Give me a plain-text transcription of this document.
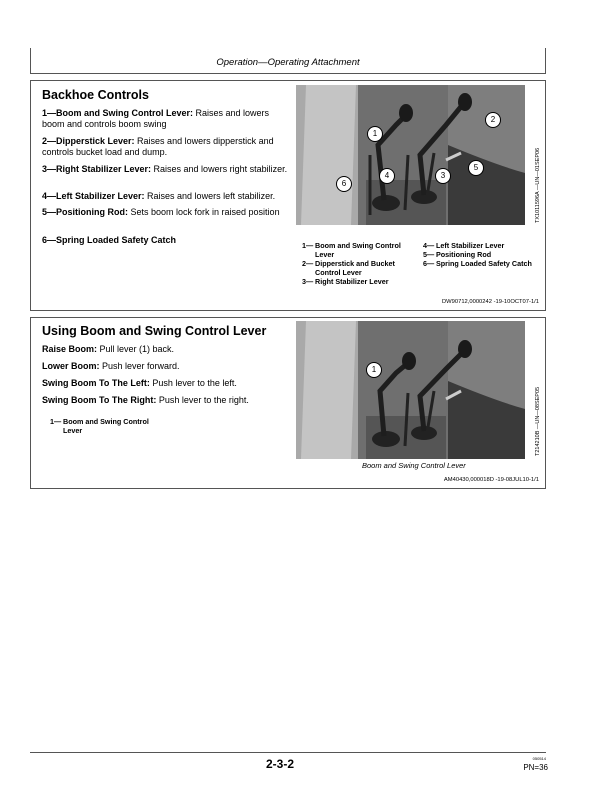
Operation—Operating Attachment
Backhoe Controls
1—Boom and Swing Control Lever: Raises and lowers boom and controls boom swing
2—Dipperstick Lever: Raises and lowers dipperstick and controls bucket load and dump.
3—Right Stabilizer Lever: Raises and lowers right stabilizer.
4—Left Stabilizer Lever: Raises and lowers left stabilizer.
5—Positioning Rod: Sets boom lock fork in raised position
6—Spring Loaded Safety Catch
1
2
3
4
5
6	TX1011596A —UN—01SEP06
1— Boom and Swing Control Lever
2— Dipperstick and Bucket Control Lever
3— Right Stabilizer Lever
4— Left Stabilizer Lever
5— Positioning Rod
6— Spring Loaded Safety Catch
DW90712,0000242 -19-10OCT07-1/1
Using Boom and Swing Control Lever
Raise Boom: Pull lever (1) back.
Lower Boom: Push lever forward.
Swing Boom To The Left: Push lever to the left.
Swing Boom To The Right: Push lever to the right.
1— Boom and Swing Control Lever
1
T214210B —UN—08SEP05
Boom and Swing Control Lever
AM40430,000018D -19-08JUL10-1/1
2-3-2	050514
PN=36
